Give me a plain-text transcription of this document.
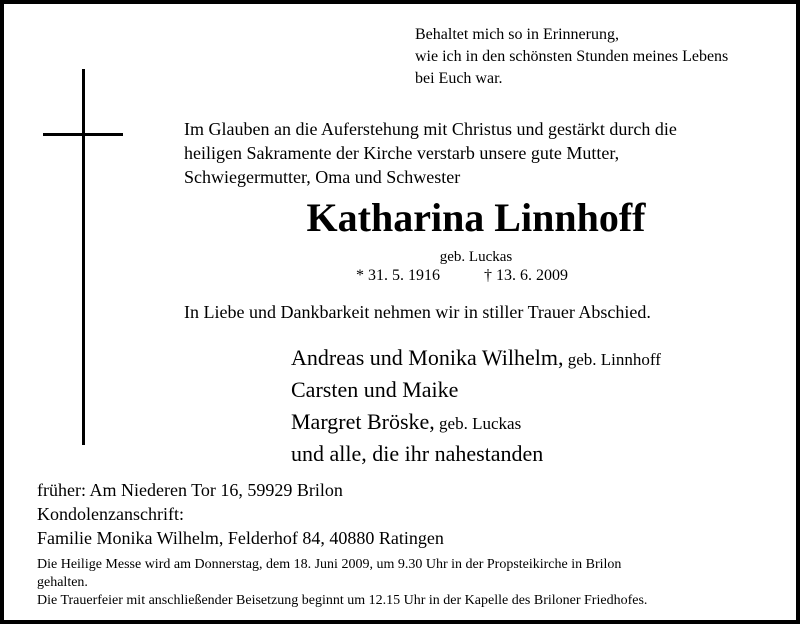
Behaltet mich so in Erinnerung,
wie ich in den schönsten Stunden meines Lebens
bei Euch war.
Im Glauben an die Auferstehung mit Christus und gestärkt durch die
heiligen Sakramente der Kirche verstarb unsere gute Mutter,
Schwiegermutter, Oma und Schwester
Katharina Linnhoff
geb. Luckas
* 31. 5. 1916	† 13. 6. 2009
In Liebe und Dankbarkeit nehmen wir in stiller Trauer Abschied.
Andreas und Monika Wilhelm, geb. Linnhoff
Carsten und Maike
Margret Bröske, geb. Luckas
und alle, die ihr nahestanden
früher: Am Niederen Tor 16, 59929 Brilon
Kondolenzanschrift:
Familie Monika Wilhelm, Felderhof 84, 40880 Ratingen
Die Heilige Messe wird am Donnerstag, dem 18. Juni 2009, um 9.30 Uhr in der Propsteikirche in Brilon
gehalten.
Die Trauerfeier mit anschließender Beisetzung beginnt um 12.15 Uhr in der Kapelle des Briloner Friedhofes.
